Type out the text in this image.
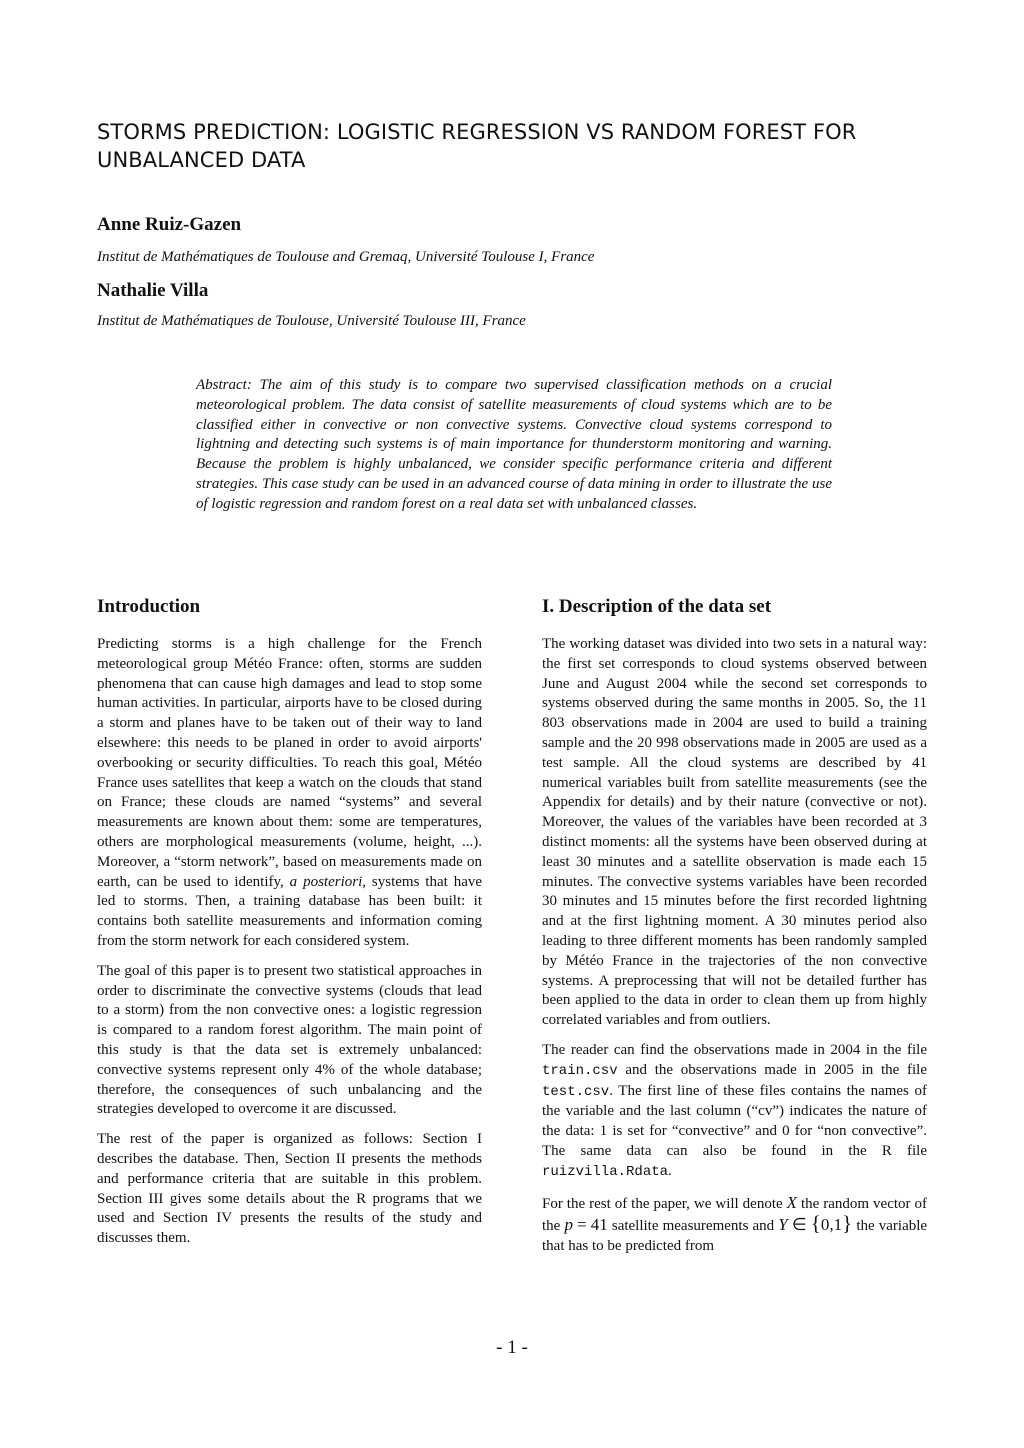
STORMS PREDICTION: LOGISTIC REGRESSION VS RANDOM FOREST FOR UNBALANCED DATA

Anne Ruiz-Gazen

Institut de Mathématiques de Toulouse and Gremaq, Université Toulouse I, France

Nathalie Villa

Institut de Mathématiques de Toulouse, Université Toulouse III, France

Abstract: The aim of this study is to compare two supervised classification methods on a crucial meteorological problem. The data consist of satellite measurements of cloud systems which are to be classified either in convective or non convective systems. Convective cloud systems correspond to lightning and detecting such systems is of main importance for thunderstorm monitoring and warning. Because the problem is highly unbalanced, we consider specific performance criteria and different strategies. This case study can be used in an advanced course of data mining in order to illustrate the use of logistic regression and random forest on a real data set with unbalanced classes.

Introduction

Predicting storms is a high challenge for the French meteorological group Météo France: often, storms are sudden phenomena that can cause high damages and lead to stop some human activities. In particular, airports have to be closed during a storm and planes have to be taken out of their way to land elsewhere: this needs to be planed in order to avoid airports' overbooking or security difficulties. To reach this goal, Météo France uses satellites that keep a watch on the clouds that stand on France; these clouds are named “systems” and several measurements are known about them: some are temperatures, others are morphological measurements (volume, height, ...). Moreover, a “storm network”, based on measurements made on earth, can be used to identify, a posteriori, systems that have led to storms. Then, a training database has been built: it contains both satellite measurements and information coming from the storm network for each considered system.

The goal of this paper is to present two statistical approaches in order to discriminate the convective systems (clouds that lead to a storm) from the non convective ones: a logistic regression is compared to a random forest algorithm. The main point of this study is that the data set is extremely unbalanced: convective systems represent only 4% of the whole database; therefore, the consequences of such unbalancing and the strategies developed to overcome it are discussed.

The rest of the paper is organized as follows: Section I describes the database. Then, Section II presents the methods and performance criteria that are suitable in this problem. Section III gives some details about the R programs that we used and Section IV presents the results of the study and discusses them.

I. Description of the data set

The working dataset was divided into two sets in a natural way: the first set corresponds to cloud systems observed between June and August 2004 while the second set corresponds to systems observed during the same months in 2005. So, the 11 803 observations made in 2004 are used to build a training sample and the 20 998 observations made in 2005 are used as a test sample. All the cloud systems are described by 41 numerical variables built from satellite measurements (see the Appendix for details) and by their nature (convective or not). Moreover, the values of the variables have been recorded at 3 distinct moments: all the systems have been observed during at least 30 minutes and a satellite observation is made each 15 minutes. The convective systems variables have been recorded 30 minutes and 15 minutes before the first recorded lightning and at the first lightning moment. A 30 minutes period also leading to three different moments has been randomly sampled by Météo France in the trajectories of the non convective systems. A preprocessing that will not be detailed further has been applied to the data in order to clean them up from highly correlated variables and from outliers.

The reader can find the observations made in 2004 in the file train.csv and the observations made in 2005 in the file test.csv. The first line of these files contains the names of the variable and the last column (“cv”) indicates the nature of the data: 1 is set for “convective” and 0 for “non convective”. The same data can also be found in the R file ruizvilla.Rdata.

For the rest of the paper, we will denote X the random vector of the p = 41 satellite measurements and Y ∈ {0,1} the variable that has to be predicted from

- 1 -
